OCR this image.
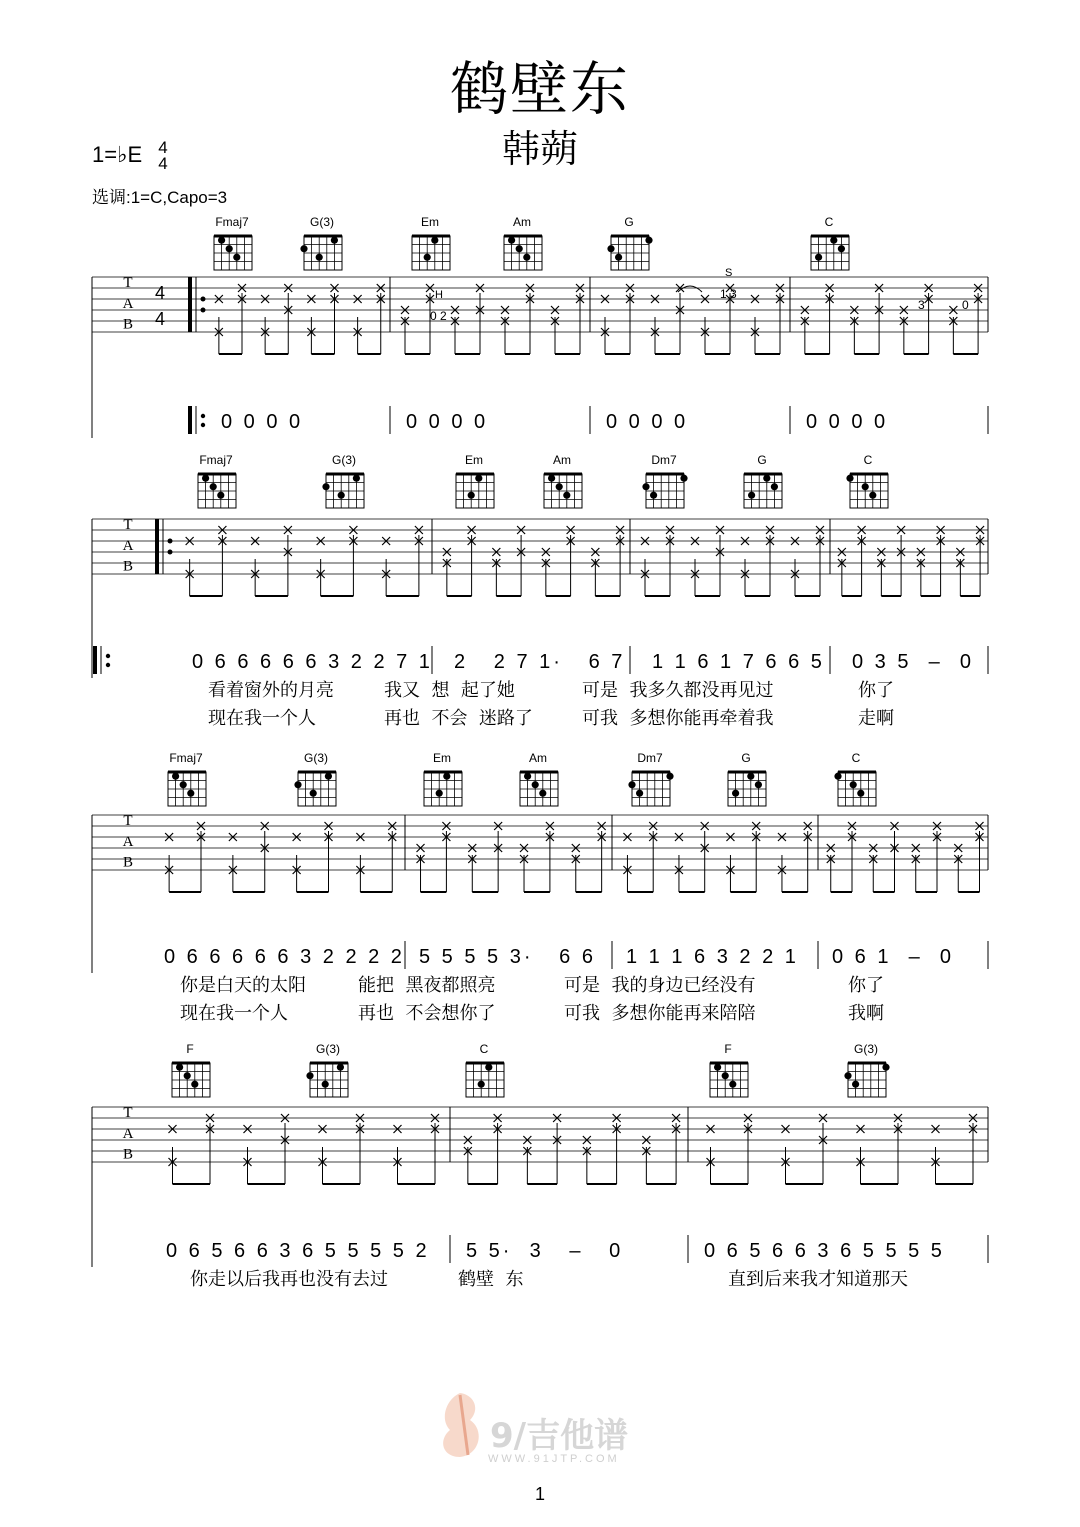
鹤壁东
韩蒴
1=♭E 4
4
选调:1=C,Capo=3
Fmaj7	G(3)	Em	Am	G	C
T
A
B
4
4
0 0 0 0	0 0 0 0	0 0 0 0	0 0 0 0
H
0 2
S
1 3
3	0
Fmaj7	G(3)	Em	Am	Dm7	G	C
T
A
B
0 6 6 6 6 6 3 2 2 7 1 2   2 7 1·   6 7 1 1 6 1 7 6 6 5 0 3 5  –  0
看着窗外的月亮	我又  想  起了她	可是  我多久都没再见过	你了
现在我一个人	再也  不会  迷路了	可我  多想你能再牵着我	走啊
Fmaj7	G(3)	Em	Am	Dm7	G	C
T
A
B
0 6 6 6 6 6 3 2 2 2 2 5 5 5 5 3·   6 6 1 1 1 6 3 2 2 1 0 6 1  –  0
你是白天的太阳	能把  黑夜都照亮	可是  我的身边已经没有	你了
现在我一个人	再也  不会想你了	可我  多想你能再来陪陪	我啊
F	G(3)	C	F	G(3)
T
A
B
0 6 5 6 6 3 6 5 5 5 5 2 5 5·  3   –   0	0 6 5 6 6 3 6 5 5 5 5
你走以后我再也没有去过	鹤壁  东	直到后来我才知道那天
9/吉他谱
WWW.91JTP.COM
1
